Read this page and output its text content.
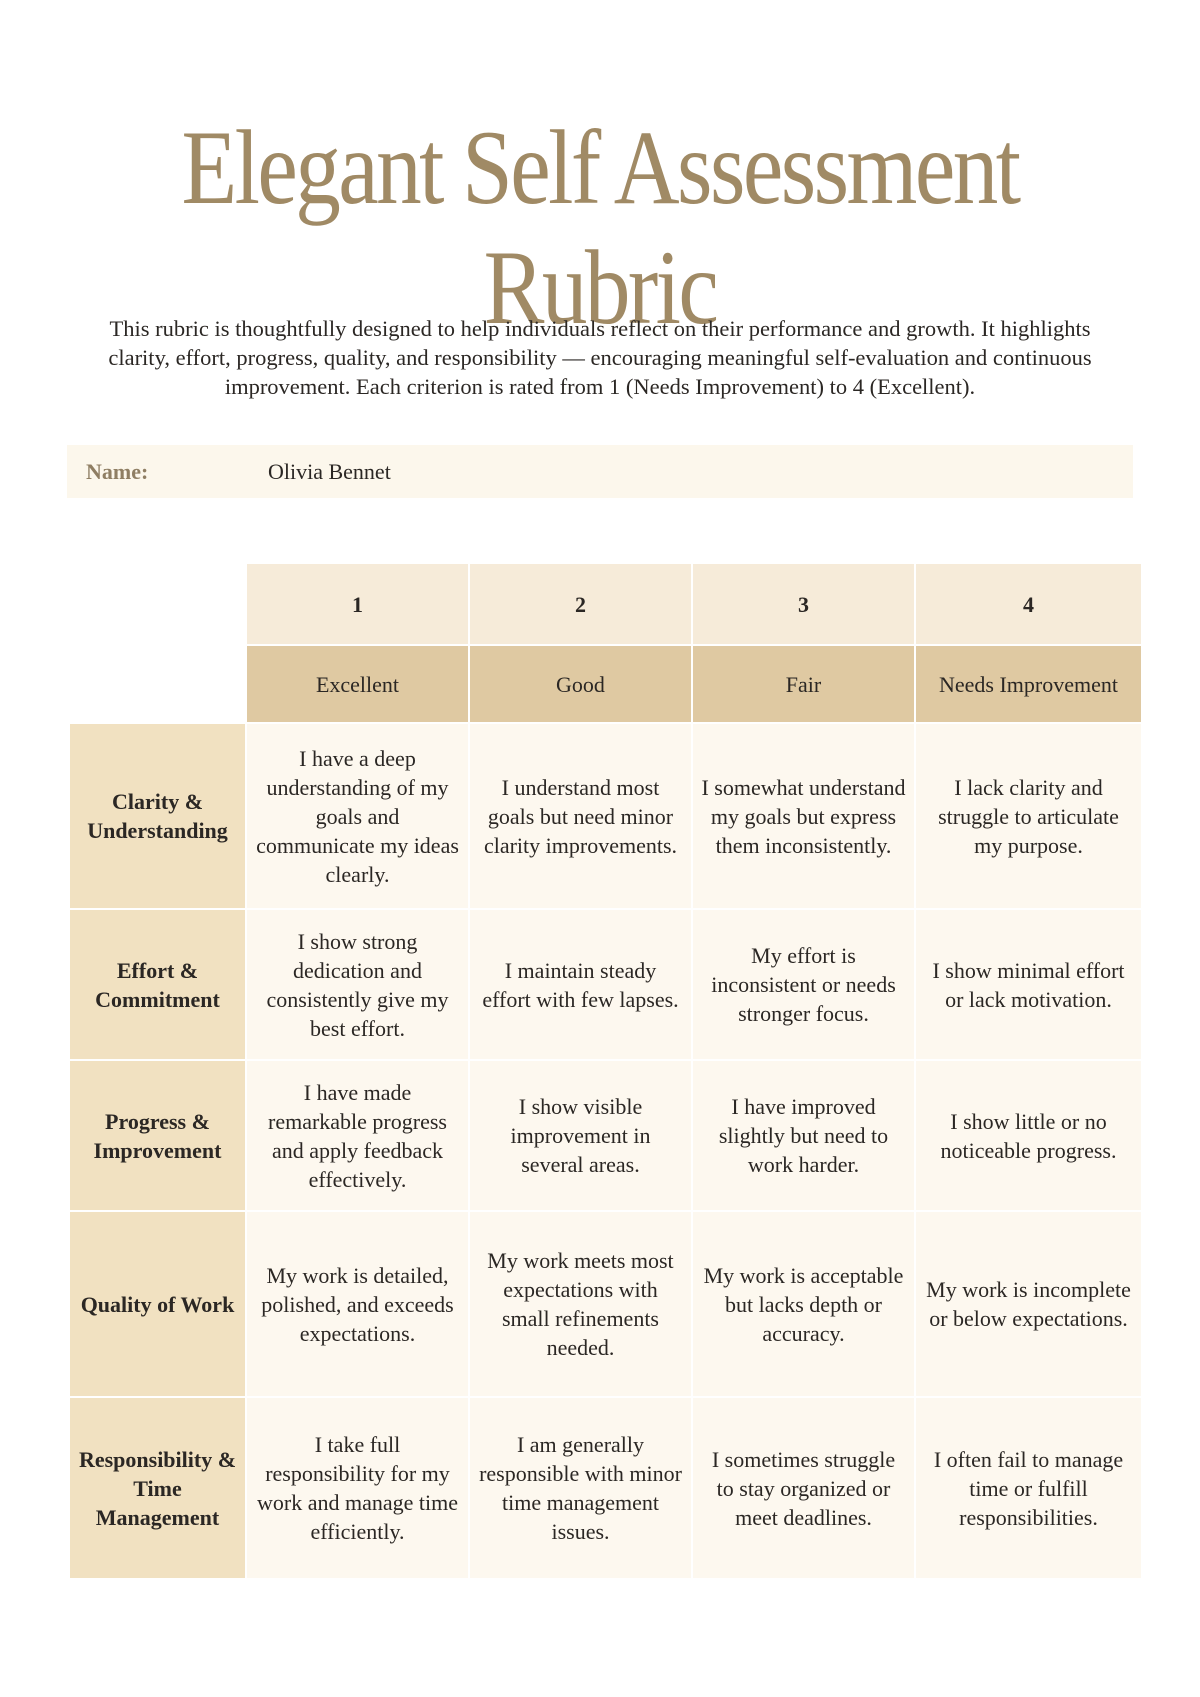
Elegant Self Assessment Rubric

This rubric is thoughtfully designed to help individuals reflect on their performance and growth. It highlights clarity, effort, progress, quality, and responsibility — encouraging meaningful self-evaluation and continuous improvement. Each criterion is rated from 1 (Needs Improvement) to 4 (Excellent).

Name:	Olivia Bennet
	1	2	3	4
	Excellent	Good	Fair	Needs Improvement
Clarity & Understanding	I have a deep understanding of my goals and communicate my ideas clearly.	I understand most goals but need minor clarity improvements.	I somewhat understand my goals but express them inconsistently.	I lack clarity and struggle to articulate my purpose.
Effort & Commitment	I show strong dedication and consistently give my best effort.	I maintain steady effort with few lapses.	My effort is inconsistent or needs stronger focus.	I show minimal effort or lack motivation.
Progress & Improvement	I have made remarkable progress and apply feedback effectively.	I show visible improvement in several areas.	I have improved slightly but need to work harder.	I show little or no noticeable progress.
Quality of Work	My work is detailed, polished, and exceeds expectations.	My work meets most expectations with small refinements needed.	My work is acceptable but lacks depth or accuracy.	My work is incomplete or below expectations.
Responsibility & Time Management	I take full responsibility for my work and manage time efficiently.	I am generally responsible with minor time management issues.	I sometimes struggle to stay organized or meet deadlines.	I often fail to manage time or fulfill responsibilities.
